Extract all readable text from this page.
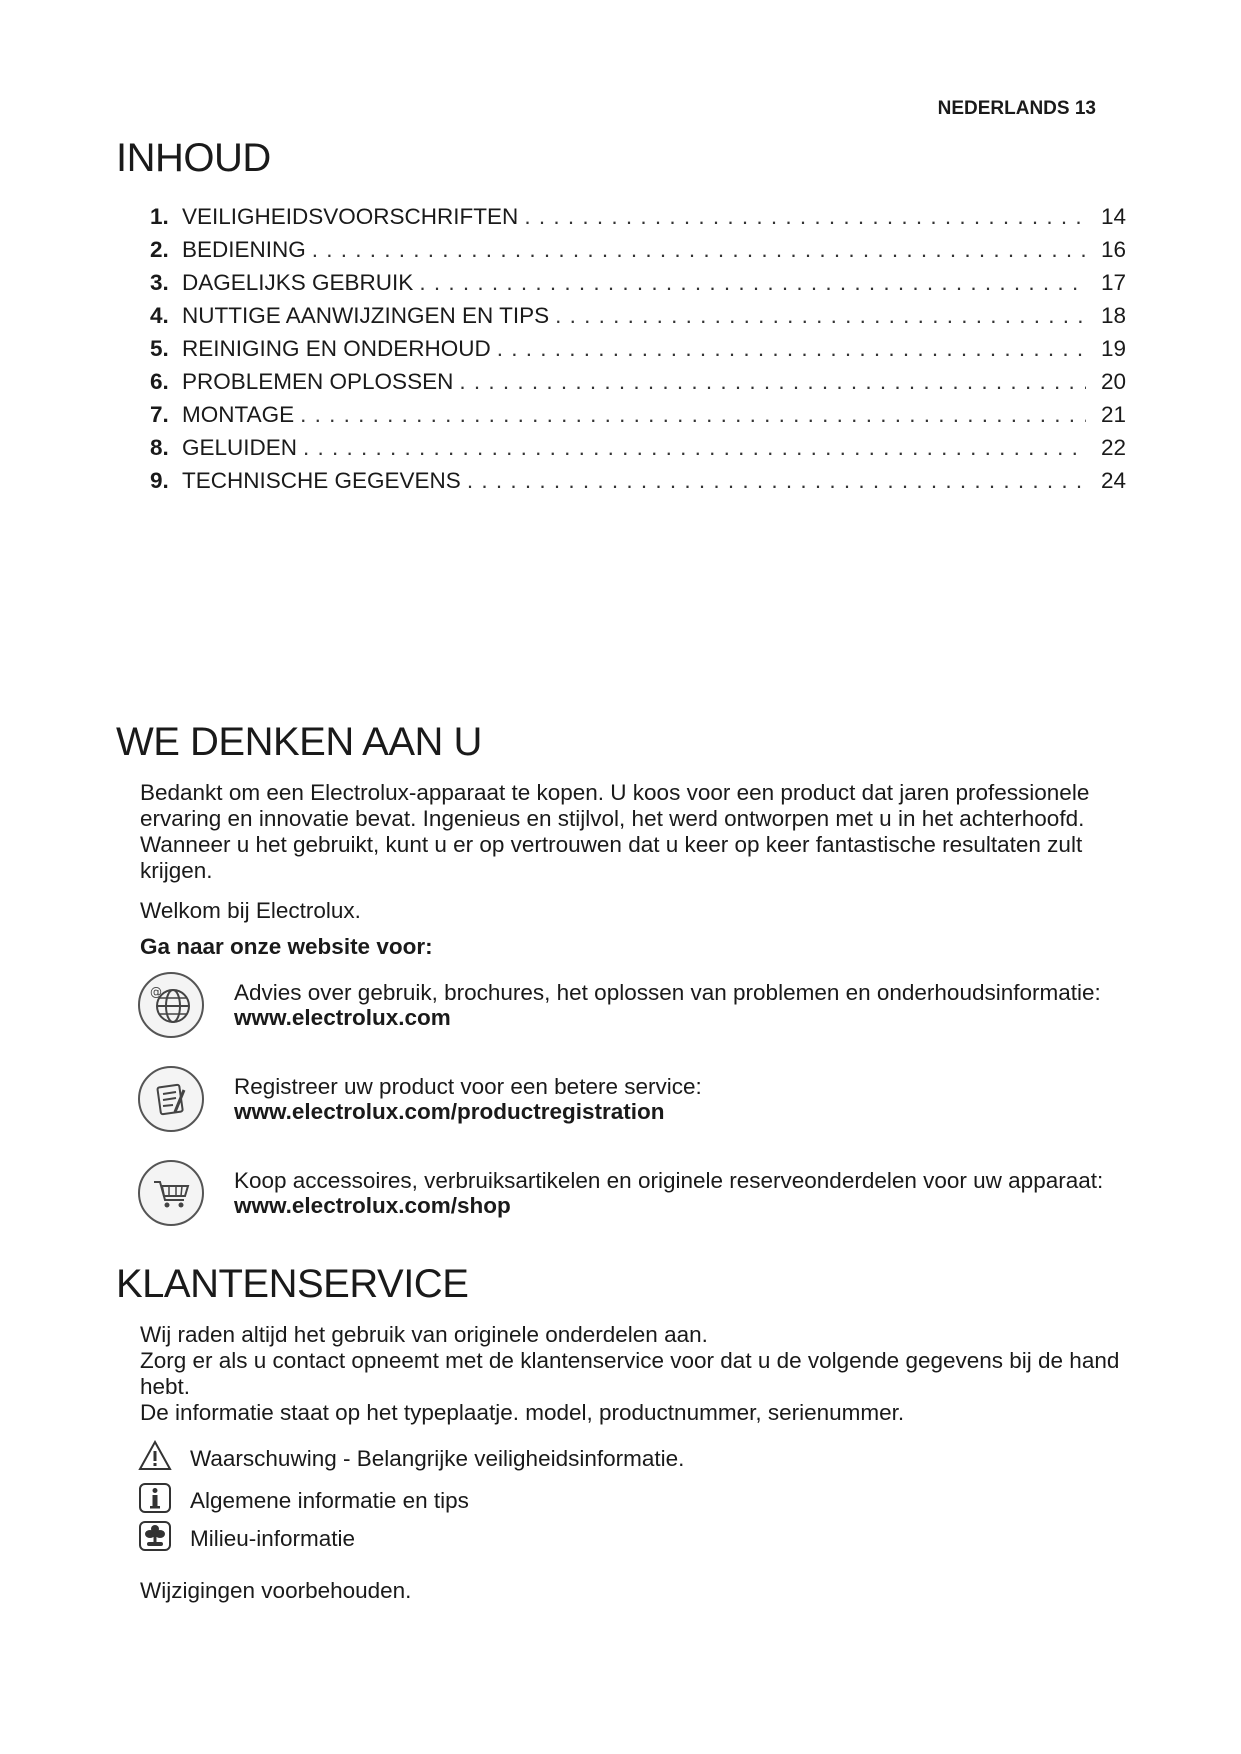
NEDERLANDS 13
INHOUD
1. VEILIGHEIDSVOORSCHRIFTEN . . .	14
2. BEDIENING . . .	16
3. DAGELIJKS GEBRUIK . . .	17
4. NUTTIGE AANWIJZINGEN EN TIPS . . .	18
5. REINIGING EN ONDERHOUD . . .	19
6. PROBLEMEN OPLOSSEN . . .	20
7. MONTAGE . . .	21
8. GELUIDEN . . .	22
9. TECHNISCHE GEGEVENS . . .	24
WE DENKEN AAN U

Bedankt om een Electrolux-apparaat te kopen. U koos voor een product dat jaren professionele ervaring en innovatie bevat. Ingenieus en stijlvol, het werd ontworpen met u in het achterhoofd. Wanneer u het gebruikt, kunt u er op vertrouwen dat u keer op keer fantastische resultaten zult krijgen.

Welkom bij Electrolux.

Ga naar onze website voor:

@	Advies over gebruik, brochures, het oplossen van problemen en onderhoudsinformatie:
www.electrolux.com
Registreer uw product voor een betere service:
www.electrolux.com/productregistration
Koop accessoires, verbruiksartikelen en originele reserveonderdelen voor uw apparaat:
www.electrolux.com/shop
KLANTENSERVICE

Wij raden altijd het gebruik van originele onderdelen aan.

Zorg er als u contact opneemt met de klantenservice voor dat u de volgende gegevens bij de hand hebt.

De informatie staat op het typeplaatje. model, productnummer, serienummer.

Waarschuwing - Belangrijke veiligheidsinformatie.
Algemene informatie en tips
Milieu-informatie

Wijzigingen voorbehouden.
